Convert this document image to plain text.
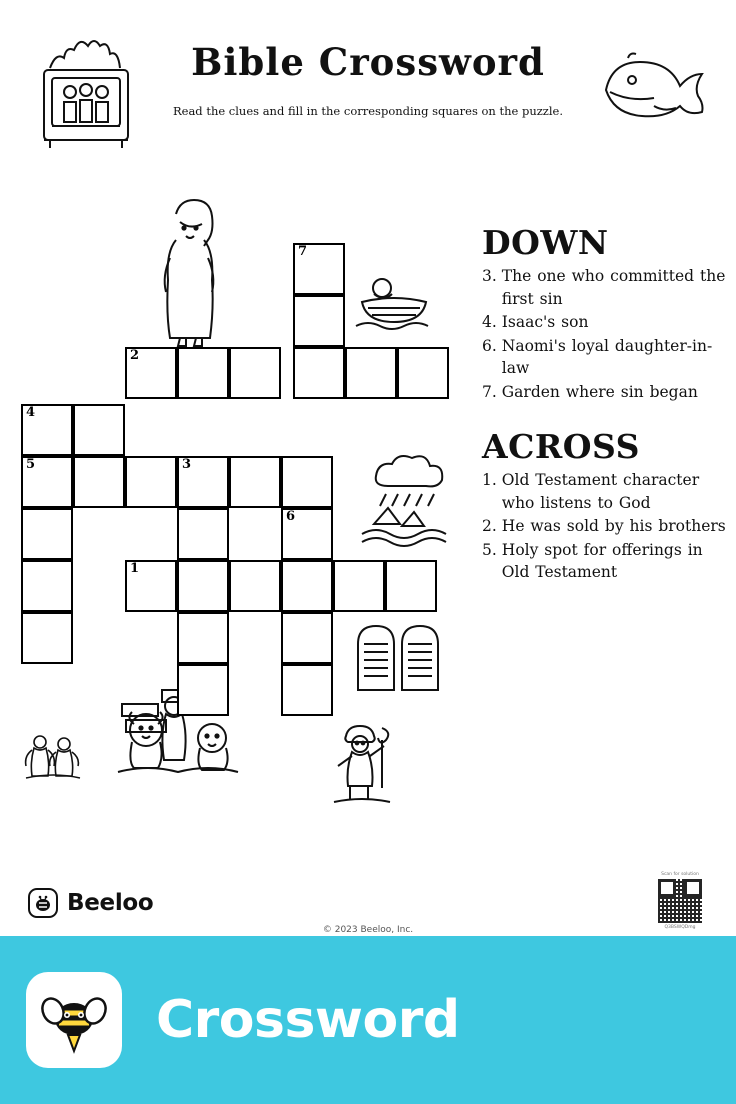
Bible Crossword
Read the clues and fill in the corresponding squares on the puzzle.
7
2
4
5	3
6
1
DOWN
3. The one who committed the first sin
4. Isaac's son
6. Naomi's loyal daughter-in-law
7. Garden where sin began
ACROSS
1. Old Testament character who listens to God
2. He was sold by his brothers
5. Holy spot for offerings in Old Testament
Beeloo
© 2023 Beeloo, Inc.
Scan for solution
Q3BSWQDmg
Crossword
